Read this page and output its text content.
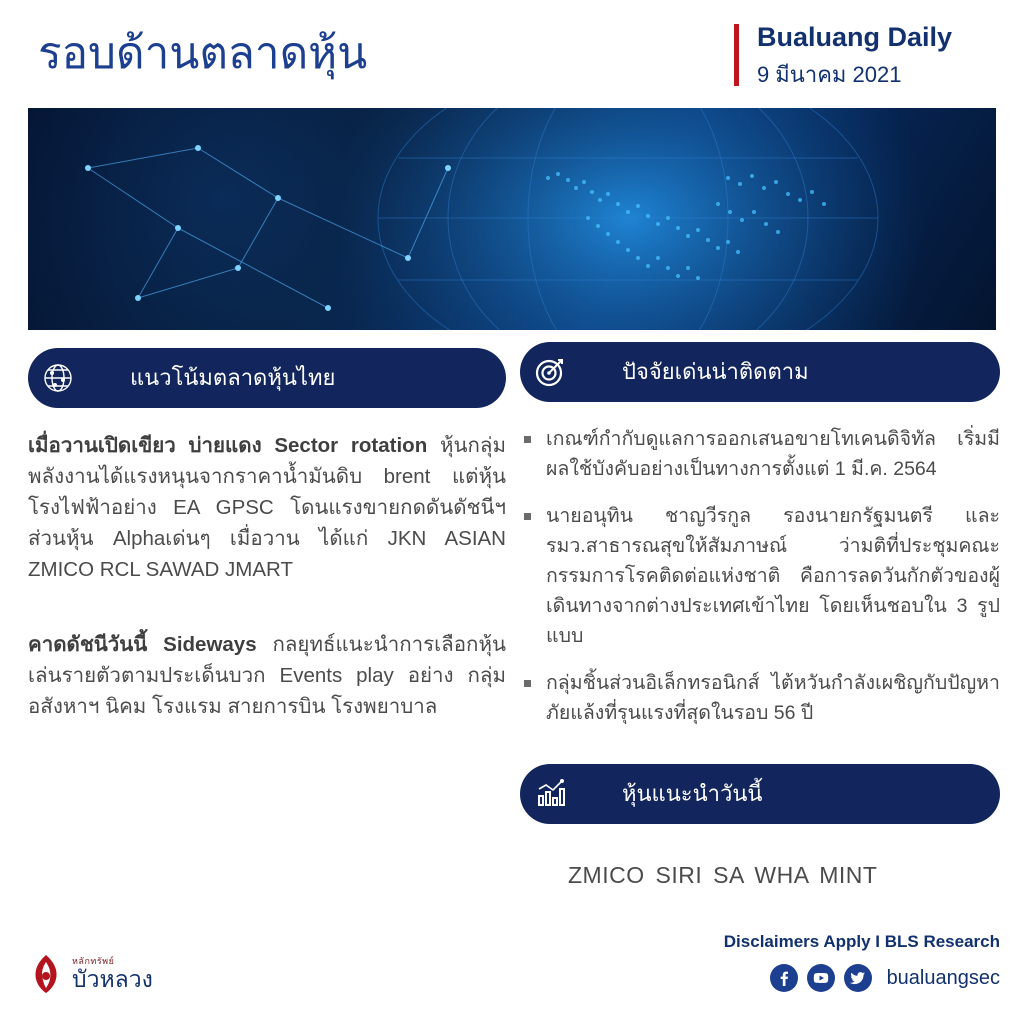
รอบด้านตลาดหุ้น	Bualuang Daily
9 มีนาคม 2021
แนวโน้มตลาดหุ้นไทย	ปัจจัยเด่นน่าติดตาม

เมื่อวานเปิดเขียว บ่ายแดง Sector rotation หุ้นกลุ่มพลังงานได้แรงหนุนจากราคาน้ำมันดิบ brent แต่หุ้นโรงไฟฟ้าอย่าง EA GPSC โดนแรงขายกดดันดัชนีฯ ส่วนหุ้น Alphaเด่นๆ เมื่อวาน ได้แก่ JKN ASIAN ZMICO RCL SAWAD JMART

คาดดัชนีวันนี้ Sideways กลยุทธ์แนะนำการเลือกหุ้นเล่นรายตัวตามประเด็นบวก Events play อย่าง กลุ่มอสังหาฯ นิคม โรงแรม สายการบิน โรงพยาบาล

เกณฑ์กำกับดูแลการออกเสนอขายโทเคนดิจิทัล เริ่มมีผลใช้บังคับอย่างเป็นทางการตั้งแต่ 1 มี.ค. 2564
นายอนุทิน ชาญวีรกูล รองนายกรัฐมนตรี และรมว.สาธารณสุขให้สัมภาษณ์ ว่ามติที่ประชุมคณะกรรมการโรคติดต่อแห่งชาติ คือการลดวันกักตัวของผู้เดินทางจากต่างประเทศเข้าไทย โดยเห็นชอบใน 3 รูปแบบ
กลุ่มชิ้นส่วนอิเล็กทรอนิกส์ ไต้หวันกำลังเผชิญกับปัญหาภัยแล้งที่รุนแรงที่สุดในรอบ 56 ปี
หุ้นแนะนำวันนี้
ZMICO SIRI SA WHA MINT
หลักทรัพย์
บัวหลวง
Disclaimers Apply I BLS Research
bualuangsec
